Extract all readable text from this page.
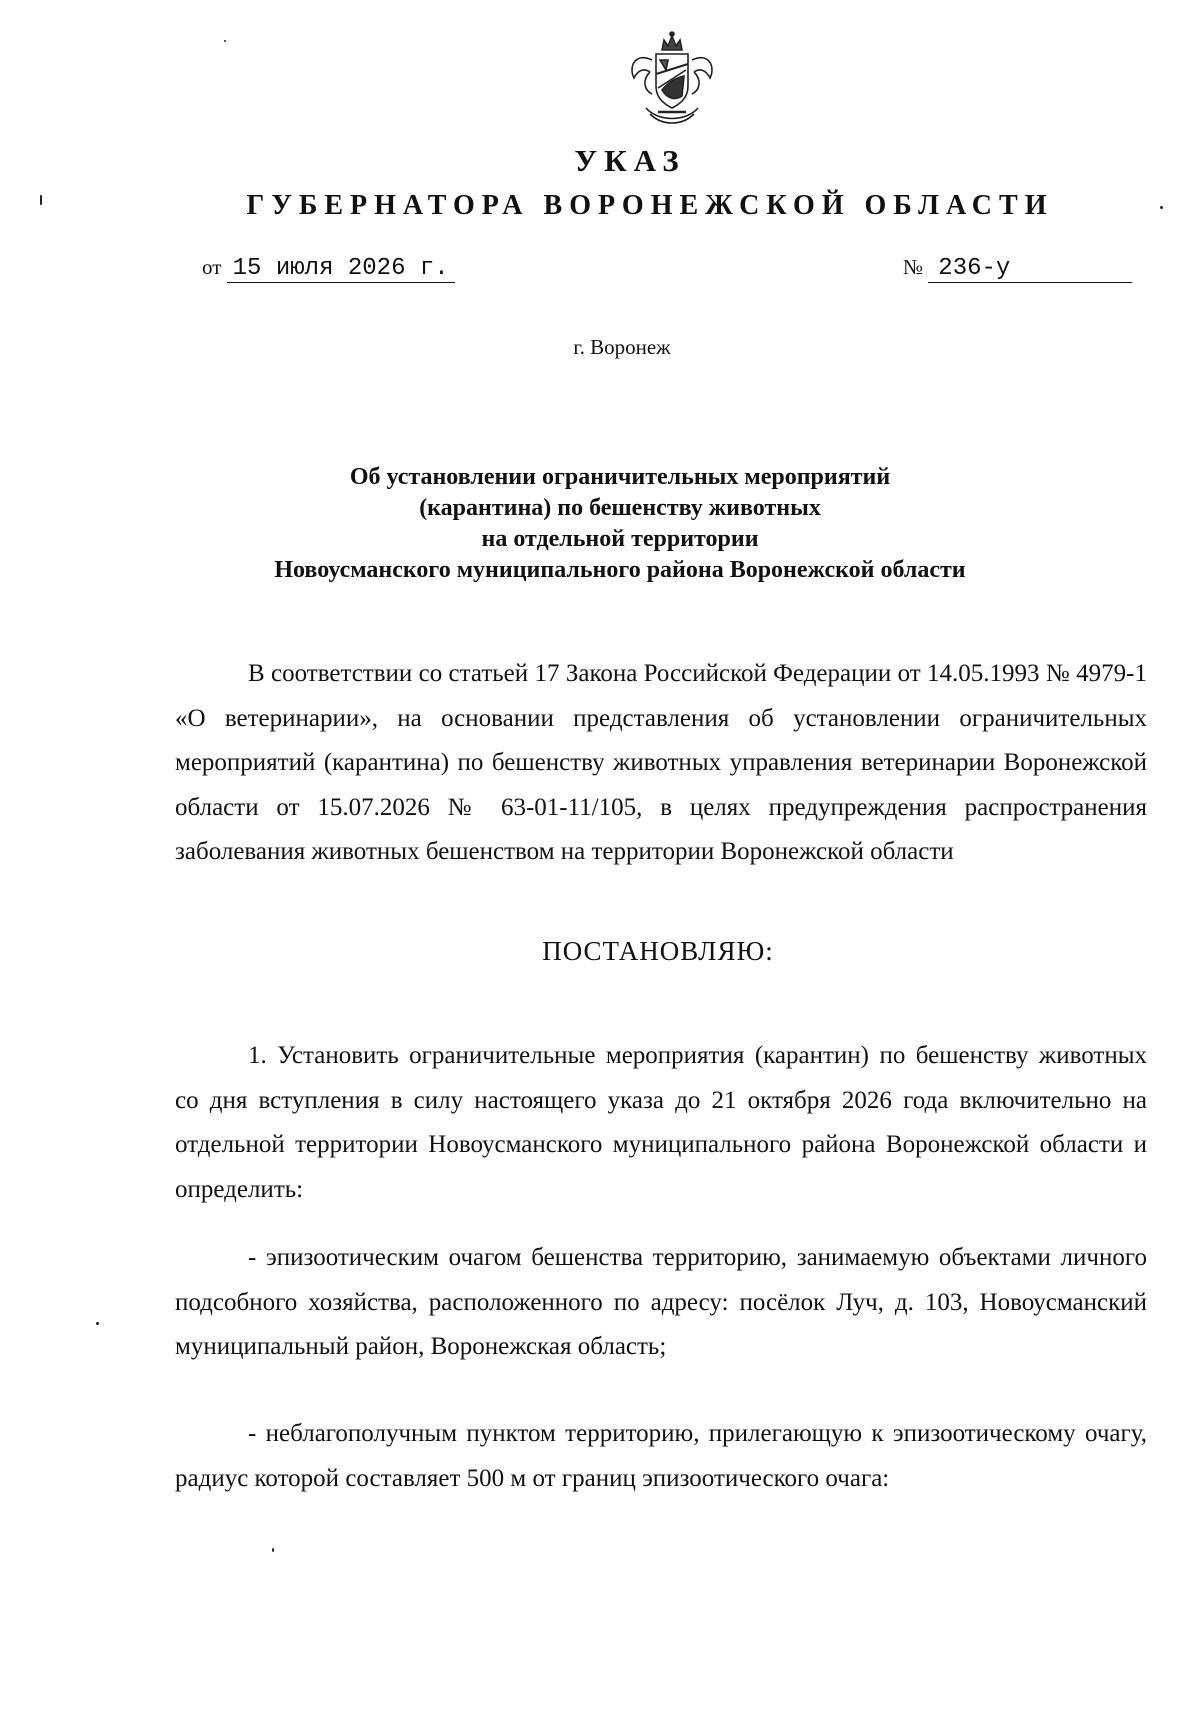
УКАЗ
ГУБЕРНАТОРА ВОРОНЕЖСКОЙ ОБЛАСТИ
от 15 июля 2026 г.	№ 236-у
г. Воронеж
Об установлении ограничительных мероприятий
(карантина) по бешенству животных
на отдельной территории
Новоусманского муниципального района Воронежской области

В соответствии со статьей 17 Закона Российской Федерации от 14.05.1993 № 4979-1 «О ветеринарии», на основании представления об установлении ограничительных мероприятий (карантина) по бешенству животных управления ветеринарии Воронежской области от 15.07.2026 № 63-01-11/105, в целях предупреждения распространения заболевания животных бешенством на территории Воронежской области

ПОСТАНОВЛЯЮ:

1. Установить ограничительные мероприятия (карантин) по бешенству животных со дня вступления в силу настоящего указа до 21 октября 2026 года включительно на отдельной территории Новоусманского муниципального района Воронежской области и определить:

- эпизоотическим очагом бешенства территорию, занимаемую объектами личного подсобного хозяйства, расположенного по адресу: посёлок Луч, д. 103, Новоусманский муниципальный район, Воронежская область;

- неблагополучным пунктом территорию, прилегающую к эпизоотическому очагу, радиус которой составляет 500 м от границ эпизоотического очага:
